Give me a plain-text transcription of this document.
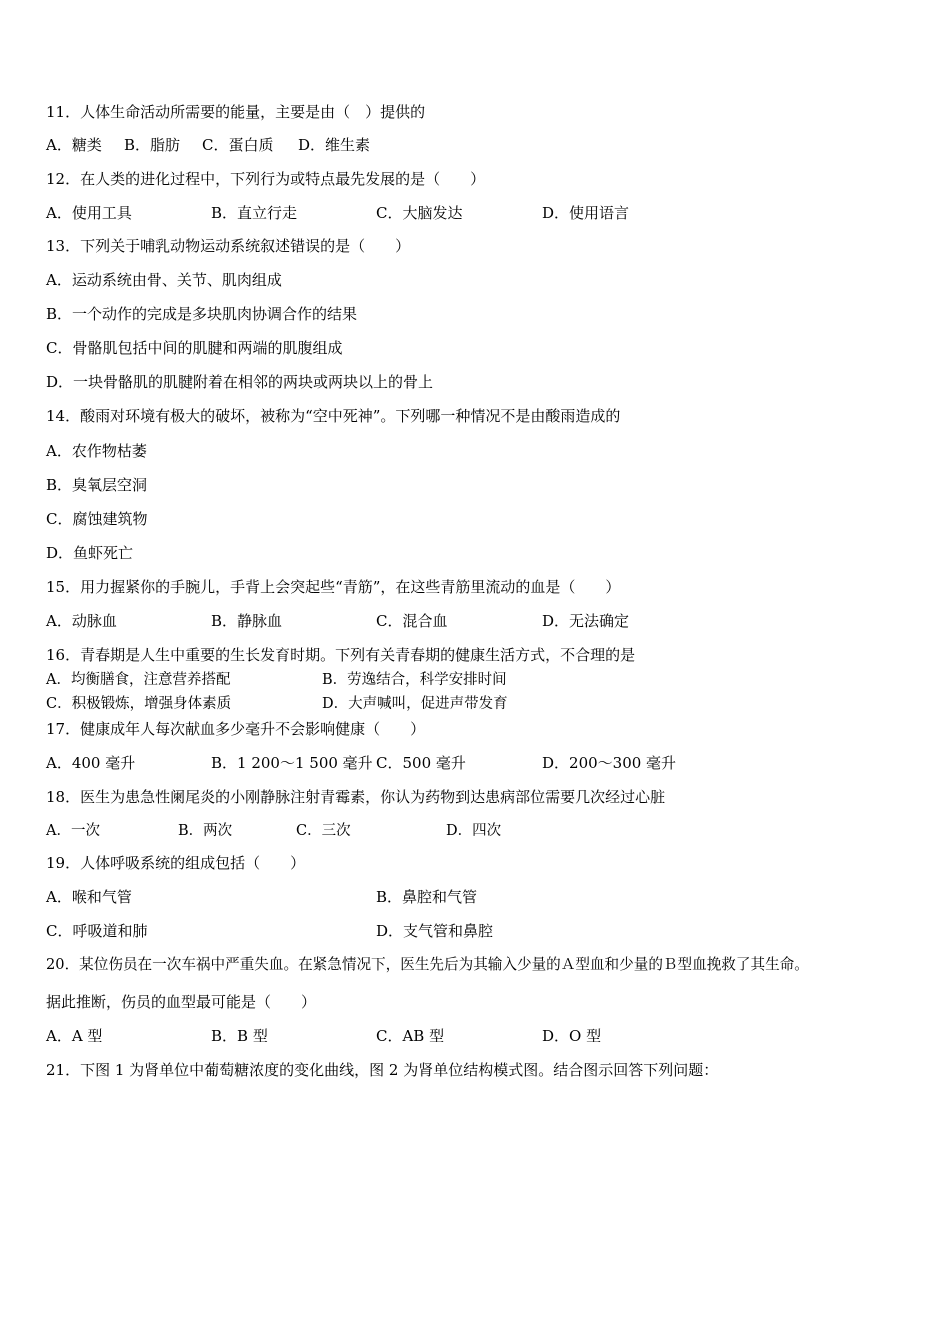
11．人体生命活动所需要的能量，主要是由（　）提供的
A．糖类 B．脂肪 C．蛋白质 D．维生素
12．在人类的进化过程中，下列行为或特点最先发展的是（　　）
A．使用工具	B．直立行走	C．大脑发达	D．使用语言
13．下列关于哺乳动物运动系统叙述错误的是（　　）
A．运动系统由骨、关节、肌肉组成
B．一个动作的完成是多块肌肉协调合作的结果
C．骨骼肌包括中间的肌腱和两端的肌腹组成
D．一块骨骼肌的肌腱附着在相邻的两块或两块以上的骨上
14．酸雨对环境有极大的破坏，被称为“空中死神”。下列哪一种情况不是由酸雨造成的
A．农作物枯萎
B．臭氧层空洞
C．腐蚀建筑物
D．鱼虾死亡
15．用力握紧你的手腕儿，手背上会突起些“青筋”，在这些青筋里流动的血是（　　）
A．动脉血	B．静脉血	C．混合血	D．无法确定
16．青春期是人生中重要的生长发育时期。下列有关青春期的健康生活方式，不合理的是
A．均衡膳食，注意营养搭配	B．劳逸结合，科学安排时间
C．积极锻炼，增强身体素质	D．大声喊叫，促进声带发育
17．健康成年人每次献血多少毫升不会影响健康（　　）
A．400 毫升	B．1 200～1 500 毫升 C．500 毫升	D．200～300 毫升
18．医生为患急性阑尾炎的小刚静脉注射青霉素，你认为药物到达患病部位需要几次经过心脏
A．一次	B．两次	C．三次	D．四次
19．人体呼吸系统的组成包括（　　）
A．喉和气管	B．鼻腔和气管
C．呼吸道和肺	D．支气管和鼻腔
20．某位伤员在一次车祸中严重失血。在紧急情况下，医生先后为其输入少量的Ａ型血和少量的Ｂ型血挽救了其生命。
据此推断，伤员的血型最可能是（　　）
A．A 型	B．B 型	C．AB 型	D．O 型
21．下图 1 为肾单位中葡萄糖浓度的变化曲线，图 2 为肾单位结构模式图。结合图示回答下列问题：
